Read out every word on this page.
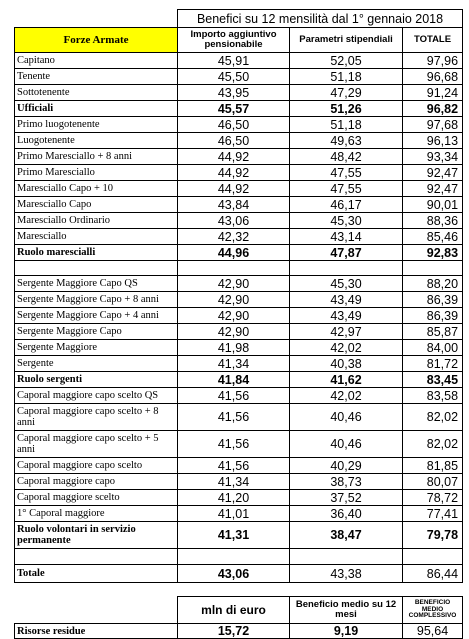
	Benefici su 12 mensilità dal 1° gennaio 2018		
Forze Armate	Importo aggiuntivo pensionabile	Parametri stipendiali	TOTALE
Capitano	45,91	52,05	97,96
Tenente	45,50	51,18	96,68
Sottotenente	43,95	47,29	91,24
Ufficiali	45,57	51,26	96,82
Primo luogotenente	46,50	51,18	97,68
Luogotenente	46,50	49,63	96,13
Primo Maresciallo + 8 anni	44,92	48,42	93,34
Primo Maresciallo	44,92	47,55	92,47
Maresciallo Capo + 10	44,92	47,55	92,47
Maresciallo Capo	43,84	46,17	90,01
Maresciallo Ordinario	43,06	45,30	88,36
Maresciallo	42,32	43,14	85,46
Ruolo marescialli	44,96	47,87	92,83

Sergente Maggiore Capo QS	42,90	45,30	88,20
Sergente Maggiore Capo + 8 anni	42,90	43,49	86,39
Sergente Maggiore Capo + 4 anni	42,90	43,49	86,39
Sergente Maggiore Capo	42,90	42,97	85,87
Sergente Maggiore	41,98	42,02	84,00
Sergente	41,34	40,38	81,72
Ruolo sergenti	41,84	41,62	83,45
Caporal maggiore capo scelto QS	41,56	42,02	83,58
Caporal maggiore capo scelto + 8 anni	41,56	40,46	82,02
Caporal maggiore capo scelto + 5 anni	41,56	40,46	82,02
Caporal maggiore capo scelto	41,56	40,29	81,85
Caporal maggiore capo	41,34	38,73	80,07
Caporal maggiore scelto	41,20	37,52	78,72
1° Caporal maggiore	41,01	36,40	77,41
Ruolo volontari in servizio permanente	41,31	38,47	79,78

Totale	43,06	43,38	86,44

	mln di euro	Beneficio medio su 12 mesi	BENEFICIO MEDIO COMPLESSIVO
Risorse residue	15,72	9,19	95,64
